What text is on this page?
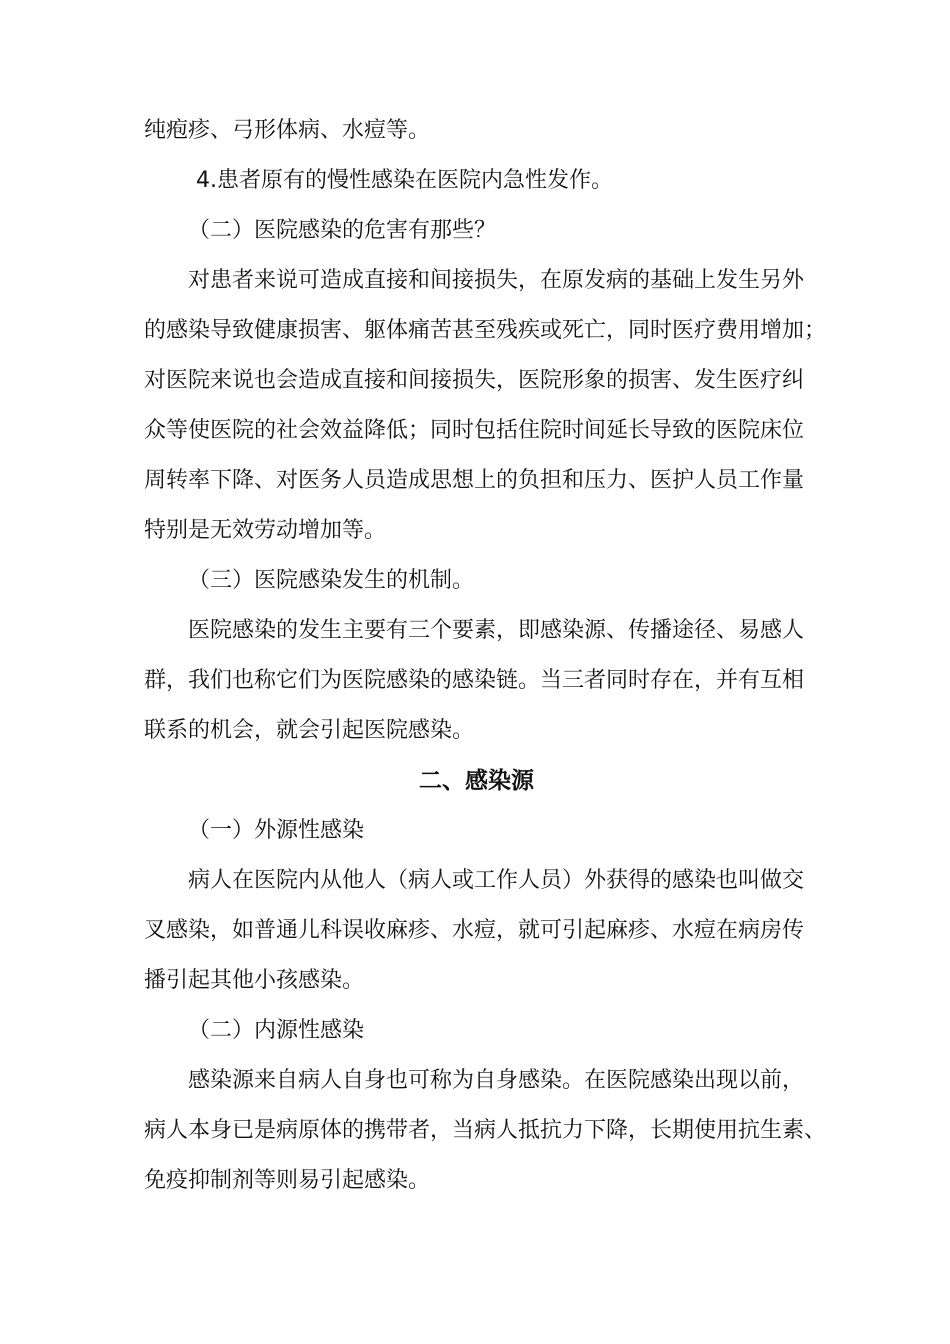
纯疱疹、弓形体病、水痘等。
4.患者原有的慢性感染在医院内急性发作。
（二）医院感染的危害有那些？
对患者来说可造成直接和间接损失，在原发病的基础上发生另外
的感染导致健康损害、躯体痛苦甚至残疾或死亡，同时医疗费用增加；
对医院来说也会造成直接和间接损失，医院形象的损害、发生医疗纠
众等使医院的社会效益降低；同时包括住院时间延长导致的医院床位
周转率下降、对医务人员造成思想上的负担和压力、医护人员工作量
特别是无效劳动增加等。
（三）医院感染发生的机制。
医院感染的发生主要有三个要素，即感染源、传播途径、易感人
群，我们也称它们为医院感染的感染链。当三者同时存在，并有互相
联系的机会，就会引起医院感染。
二、感染源
（一）外源性感染
病人在医院内从他人（病人或工作人员）外获得的感染也叫做交
叉感染，如普通儿科误收麻疹、水痘，就可引起麻疹、水痘在病房传
播引起其他小孩感染。
（二）内源性感染
感染源来自病人自身也可称为自身感染。在医院感染出现以前，
病人本身已是病原体的携带者，当病人抵抗力下降，长期使用抗生素、
免疫抑制剂等则易引起感染。
